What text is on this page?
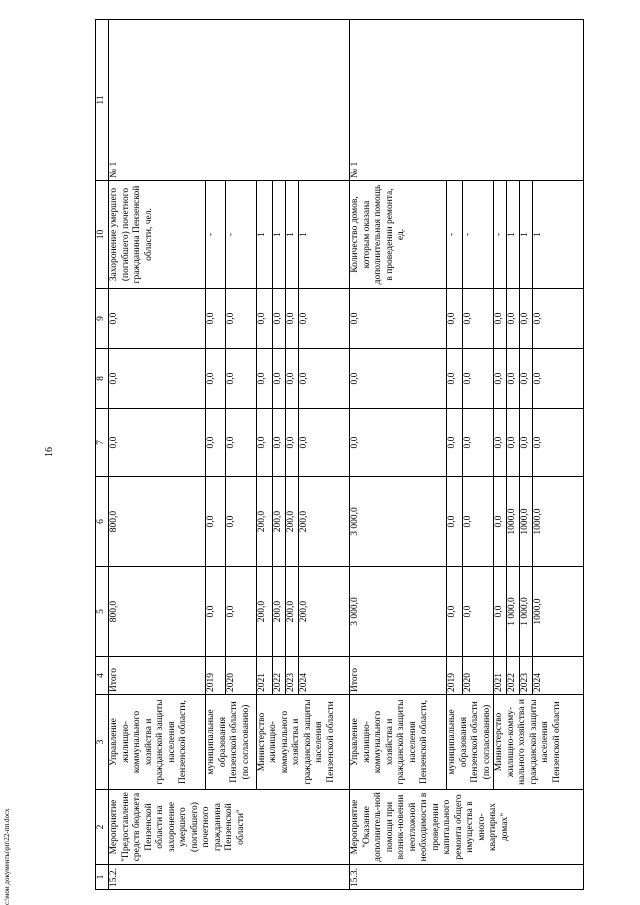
16
c:\мои документы\рп\22-пп.docx	1	2	3	4	5	6	7	8	9	10	11
15.2.	Мероприятие "Предоставление средств бюджета Пензенской области на захоронение умершего (погибшего) почетного гражданина Пензенской области"	Управление жилищно-коммунального хозяйства и гражданской защиты населения Пензенской области,	Итого	800,0	800,0	0,0	0,0	0,0	Захоронение умершего (погибшего) почетного гражданина Пензенской области, чел.	№ 1
		муниципальные образования Пензенской области (по согласованию)	2019	0,0	0,0	0,0	0,0	0,0	-	
			2020	0,0	0,0	0,0	0,0	0,0	-	
		Министерство жилищно-коммунального хозяйства и гражданской защиты населения Пензенской области	2021	200,0	200,0	0,0	0,0	0,0	1	
			2022	200,0	200,0	0,0	0,0	0,0	1	
			2023	200,0	200,0	0,0	0,0	0,0	1	
			2024	200,0	200,0	0,0	0,0	0,0	1	
15.3.	Мероприятие "Оказание дополнитель-ной помощи при возник-новении неотложной необходимости в проведении капитального ремонта общего имущества в много-квартирных домах"	Управление жилищно-коммунального хозяйства и гражданской защиты населения Пензенской области,	Итого	3 000,0	3 000,0	0,0	0,0	0,0	Количество домов, которым оказана дополнительная помощь в проведении ремонта, ед.	№ 1
		муниципальные образования Пензенской области (по согласованию)	2019	0,0	0,0	0,0	0,0	0,0	-	
			2020	0,0	0,0	0,0	0,0	0,0	-	
		Министерство жилищно-комму-нального хозяйства и гражданской защиты населения Пензенской области	2021	0,0	0,0	0,0	0,0	0,0	-	
			2022	1 000,0	1000,0	0,0	0,0	0,0	1	
			2023	1 000,0	1000,0	0,0	0,0	0,0	1	
			2024	1000,0	1000,0	0,0	0,0	0,0	1	
